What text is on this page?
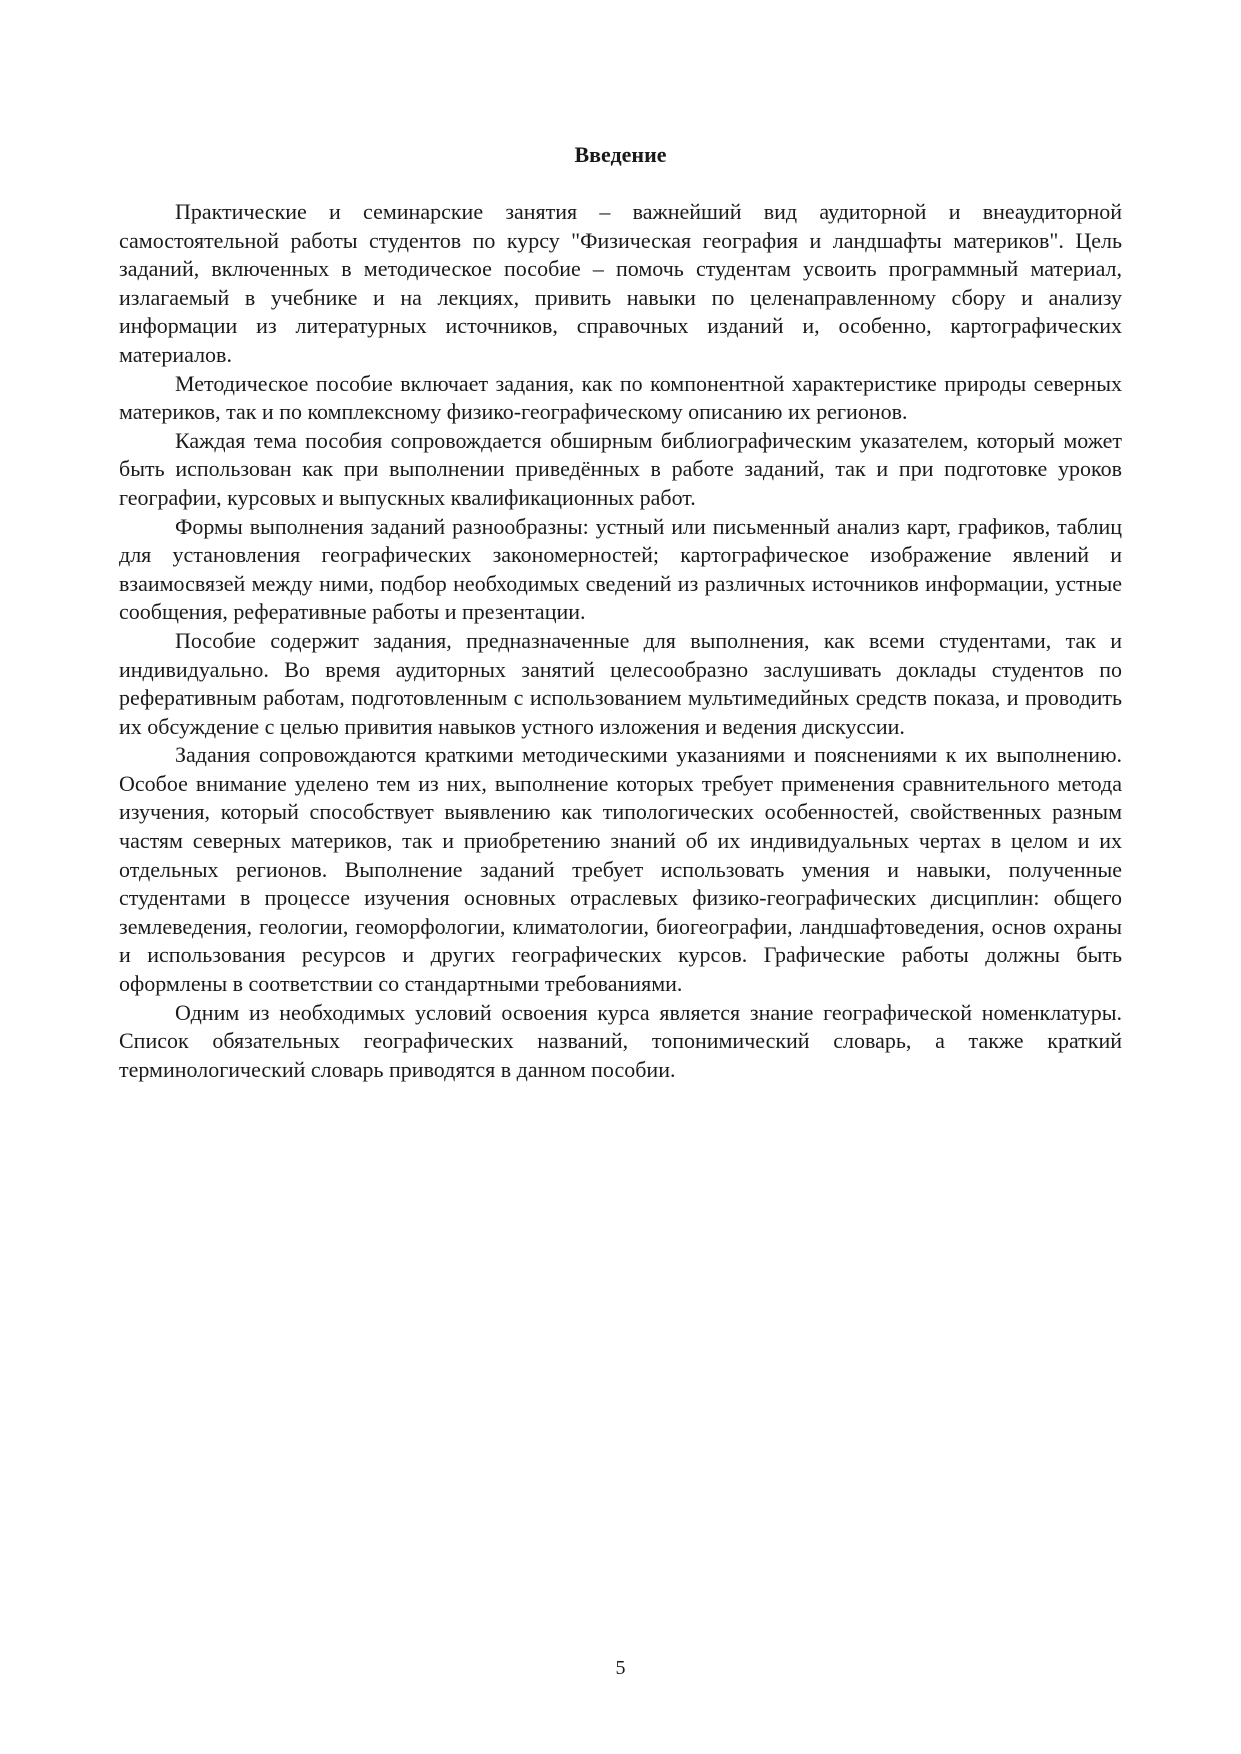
Введение

Практические и семинарские занятия – важнейший вид аудиторной и внеаудиторной самостоятельной работы студентов по курсу "Физическая география и ландшафты материков". Цель заданий, включенных в методическое пособие – помочь студентам усвоить программный материал, излагаемый в учебнике и на лекциях, привить навыки по целенаправленному сбору и анализу информации из литературных источников, справочных изданий и, особенно, картографических материалов.

Методическое пособие включает задания, как по компонентной характеристике природы северных материков, так и по комплексному физико-географическому описанию их регионов.

Каждая тема пособия сопровождается обширным библиографическим указателем, который может быть использован как при выполнении приведённых в работе заданий, так и при подготовке уроков географии, курсовых и выпускных квалификационных работ.

Формы выполнения заданий разнообразны: устный или письменный анализ карт, графиков, таблиц для установления географических закономерностей; картографическое изображение явлений и взаимосвязей между ними, подбор необходимых сведений из различных источников информации, устные сообщения, реферативные работы и презентации.

Пособие содержит задания, предназначенные для выполнения, как всеми студентами, так и индивидуально. Во время аудиторных занятий целесообразно заслушивать доклады студентов по реферативным работам, подготовленным с использованием мультимедийных средств показа, и проводить их обсуждение с целью привития навыков устного изложения и ведения дискуссии.

Задания сопровождаются краткими методическими указаниями и пояснениями к их выполнению. Особое внимание уделено тем из них, выполнение которых требует применения сравнительного метода изучения, который способствует выявлению как типологических особенностей, свойственных разным частям северных материков, так и приобретению знаний об их индивидуальных чертах в целом и их отдельных регионов. Выполнение заданий требует использовать умения и навыки, полученные студентами в процессе изучения основных отраслевых физико-географических дисциплин: общего землеведения, геологии, геоморфологии, климатологии, биогеографии, ландшафтоведения, основ охраны и использования ресурсов и других географических курсов. Графические работы должны быть оформлены в соответствии со стандартными требованиями.

Одним из необходимых условий освоения курса является знание географической номенклатуры. Список обязательных географических названий, топонимический словарь, а также краткий терминологический словарь приводятся в данном пособии.

5
